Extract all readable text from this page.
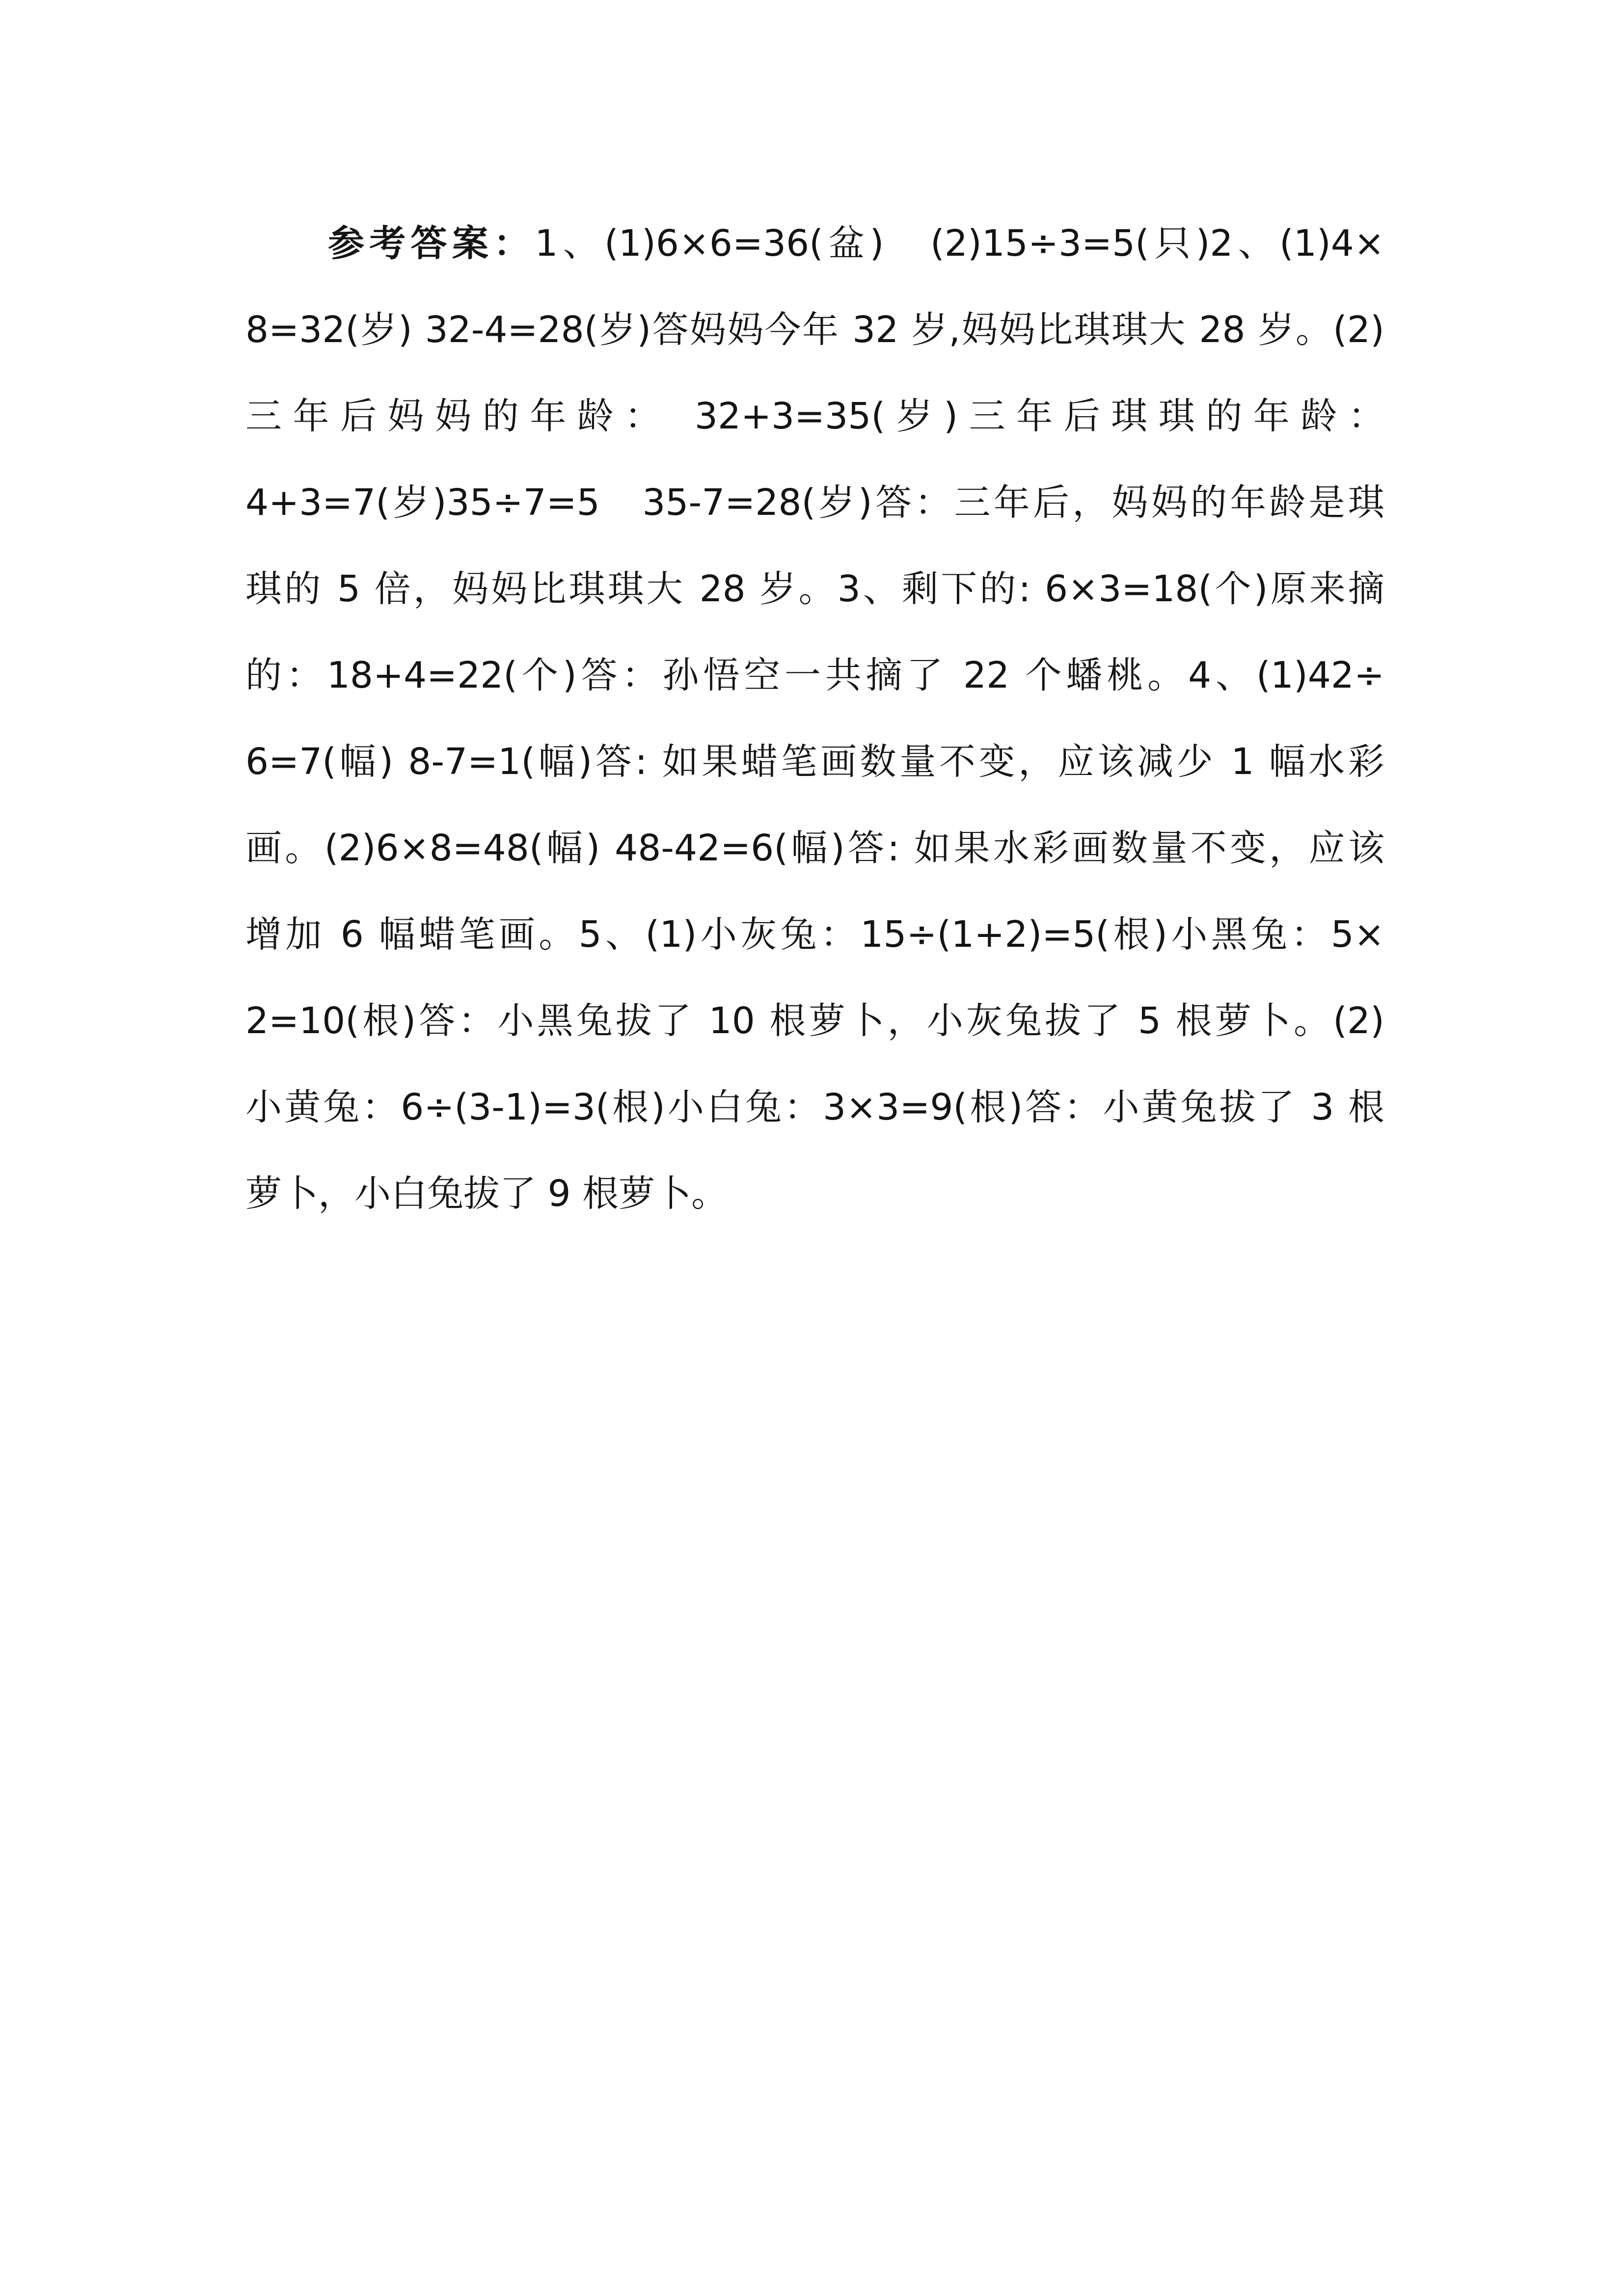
参考答案：1、(1)6×6=36(盆)　(2)15÷3=5(只)2、(1)4×
8=32(岁) 32-4=28(岁)答妈妈今年 32 岁,妈妈比琪琪大 28 岁。(2)
三年后妈妈的年龄： 32+3=35(岁)三年后琪琪的年龄：
4+3=7(岁)35÷7=5　35-7=28(岁)答：三年后，妈妈的年龄是琪
琪的 5 倍，妈妈比琪琪大 28 岁。3、剩下的: 6×3=18(个)原来摘
的：18+4=22(个)答：孙悟空一共摘了 22 个蟠桃。4、(1)42÷
6=7(幅) 8-7=1(幅)答: 如果蜡笔画数量不变，应该减少 1 幅水彩
画。(2)6×8=48(幅) 48-42=6(幅)答: 如果水彩画数量不变，应该
增加 6 幅蜡笔画。5、(1)小灰兔：15÷(1+2)=5(根)小黑兔：5×
2=10(根)答：小黑兔拔了 10 根萝卜，小灰兔拔了 5 根萝卜。(2)
小黄兔：6÷(3-1)=3(根)小白兔：3×3=9(根)答：小黄兔拔了 3 根
萝卜，小白兔拔了 9 根萝卜。
